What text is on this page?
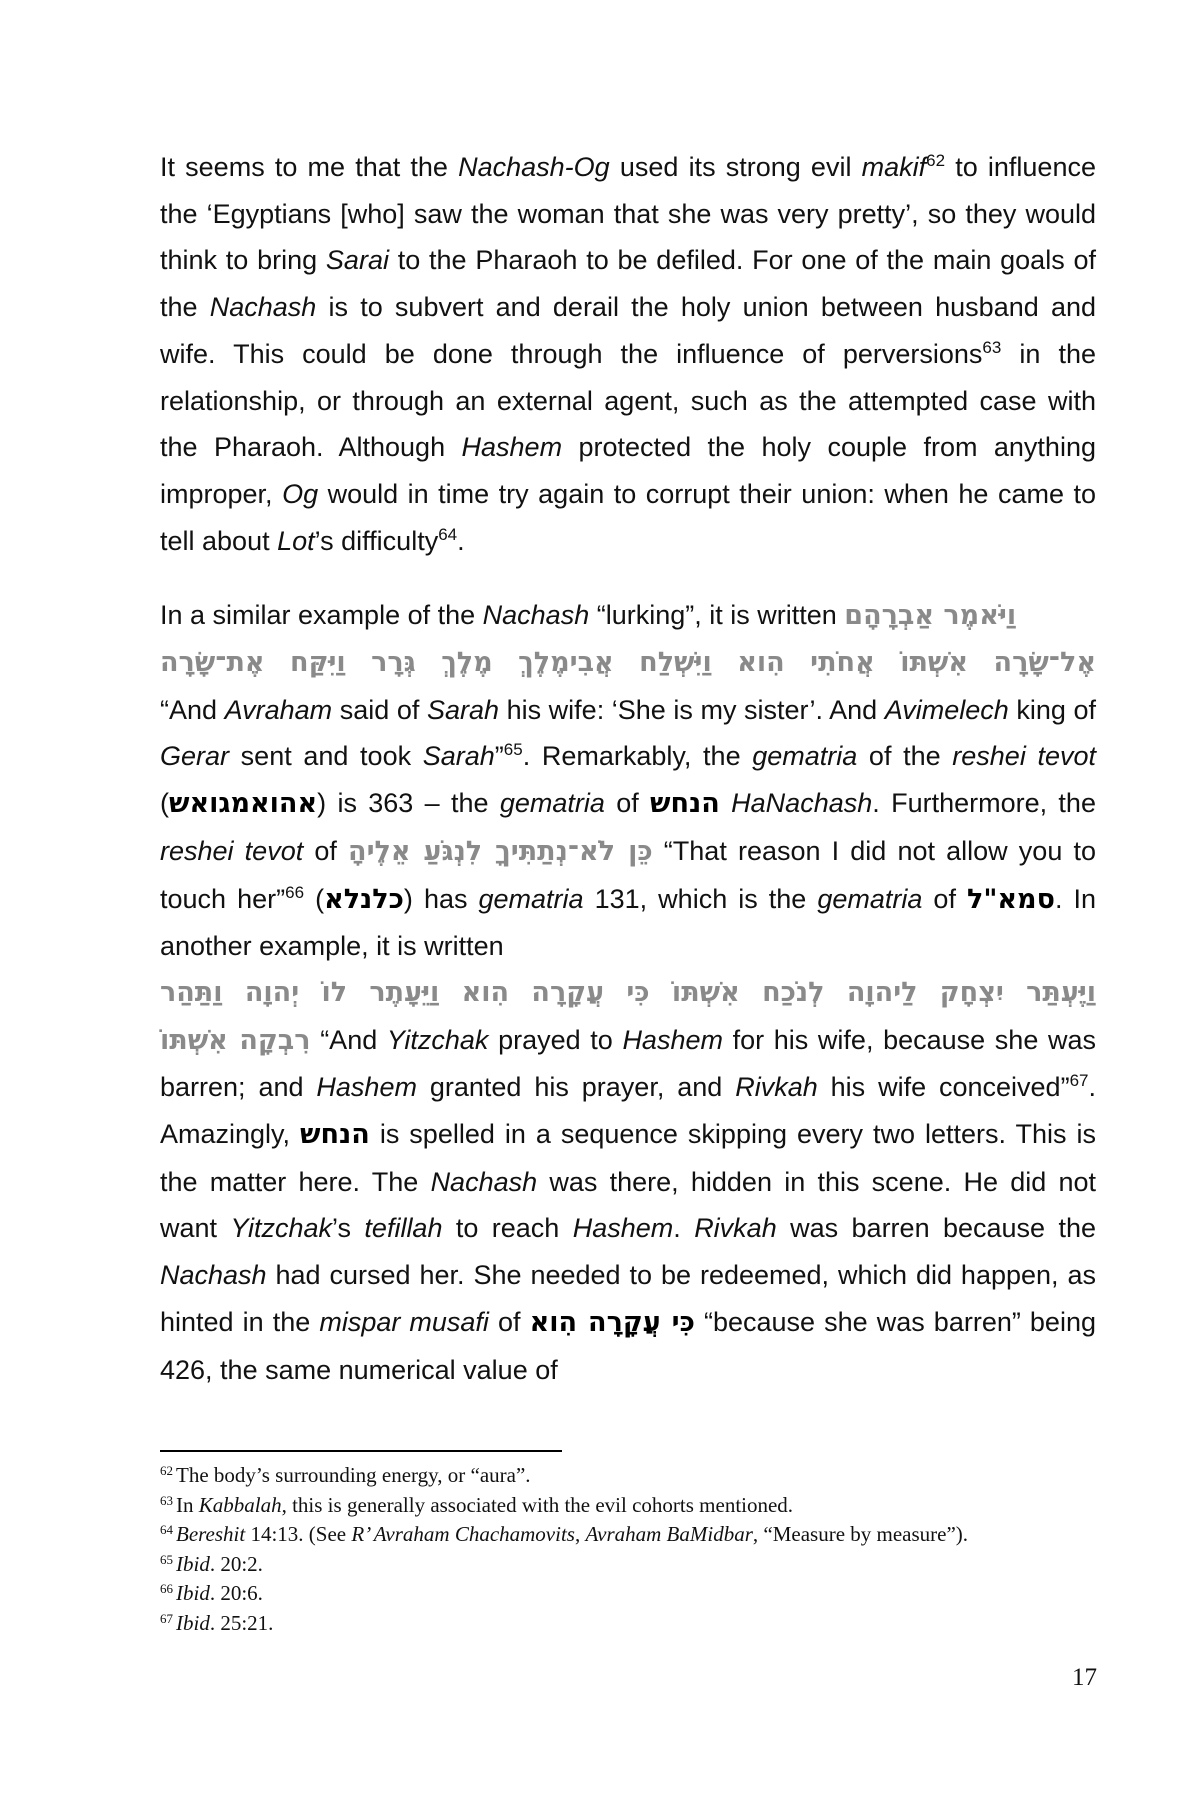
It seems to me that the Nachash-Og used its strong evil makif$^{62}$ to influence the ‘Egyptians [who] saw the woman that she was very pretty’, so they would think to bring Sarai to the Pharaoh to be defiled. For one of the main goals of the Nachash is to subvert and derail the holy union between husband and wife. This could be done through the influence of perversions$^{63}$ in the relationship, or through an external agent, such as the attempted case with the Pharaoh. Although Hashem protected the holy couple from anything improper, Og would in time try again to corrupt their union: when he came to tell about Lot’s difficulty$^{64}$.

In a similar example of the Nachash “lurking”, it is written וַיֹּאמֶר אַבְרָהָם
אֶל־שָׂרָה אִשְׁתּוֹ אֲחֹתִי הִוא וַיִּשְׁלַח אֲבִימֶלֶךְ מֶלֶךְ גְּרָר וַיִּקַּח אֶת־שָׂרָה
“And Avraham said of Sarah his wife: ‘She is my sister’. And Avimelech king of Gerar sent and took Sarah”$^{65}$. Remarkably, the gematria of the reshei tevot (אהואמגואש) is 363 – the gematria of הנחש HaNachash. Furthermore, the reshei tevot of כֵּן לֹא־נְתַתִּיךָ לִנְגֹּעַ אֵלֶיהָ “That reason I did not allow you to touch her”$^{66}$ (כלנלא) has gematria 131, which is the gematria of סמא"ל. In another example, it is written
וַיֶּעְתַּר יִצְחָק לַיהוָה לְנֹכַח אִשְׁתּוֹ כִּי עֲקָרָה הִוא וַיֵּעָתֶר לוֹ יְהוָה וַתַּהַר
רִבְקָה אִשְׁתּוֹ “And Yitzchak prayed to Hashem for his wife, because she was barren; and Hashem granted his prayer, and Rivkah his wife conceived”$^{67}$. Amazingly, הנחש is spelled in a sequence skipping every two letters. This is the matter here. The Nachash was there, hidden in this scene. He did not want Yitzchak’s tefillah to reach Hashem. Rivkah was barren because the Nachash had cursed her. She needed to be redeemed, which did happen, as hinted in the mispar musafi of כִּי עֲקָרָה הִוא “because she was barren” being 426, the same numerical value of

$^{62}$ The body’s surrounding energy, or “aura”.

$^{63}$ In Kabbalah, this is generally associated with the evil cohorts mentioned.

$^{64}$ Bereshit 14:13. (See R’ Avraham Chachamovits, Avraham BaMidbar, “Measure by measure”).

$^{65}$ Ibid. 20:2.

$^{66}$ Ibid. 20:6.

$^{67}$ Ibid. 25:21.

17
